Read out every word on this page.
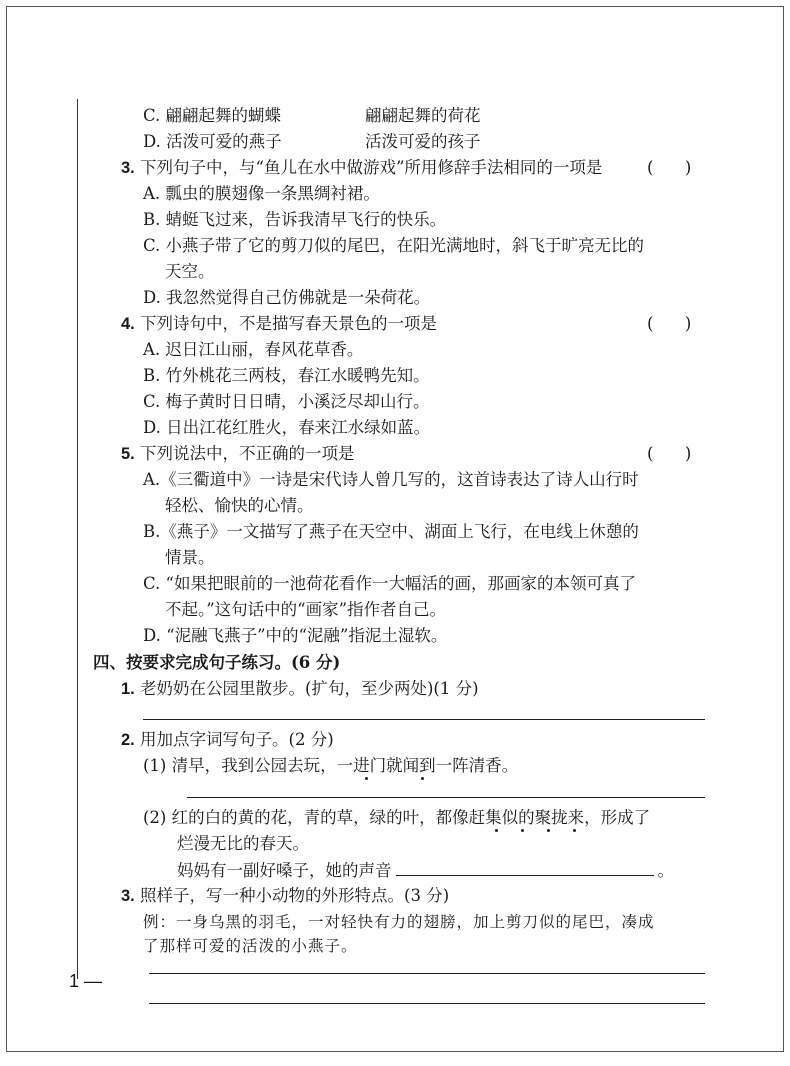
C. 翩翩起舞的蝴蝶	翩翩起舞的荷花
D. 活泼可爱的燕子	活泼可爱的孩子
3. 下列句子中，与“鱼儿在水中做游戏”所用修辞手法相同的一项是	(      )
A. 瓢虫的膜翅像一条黑绸衬裙。
B. 蜻蜓飞过来，告诉我清早飞行的快乐。
C. 小燕子带了它的剪刀似的尾巴，在阳光满地时，斜飞于旷亮无比的
天空。
D. 我忽然觉得自己仿佛就是一朵荷花。
4. 下列诗句中，不是描写春天景色的一项是	(      )
A. 迟日江山丽，春风花草香。
B. 竹外桃花三两枝，春江水暖鸭先知。
C. 梅子黄时日日晴，小溪泛尽却山行。
D. 日出江花红胜火，春来江水绿如蓝。
5. 下列说法中，不正确的一项是	(      )
A.《三衢道中》一诗是宋代诗人曾几写的，这首诗表达了诗人山行时
轻松、愉快的心情。
B.《燕子》一文描写了燕子在天空中、湖面上飞行，在电线上休憩的
情景。
C. “如果把眼前的一池荷花看作一大幅活的画，那画家的本领可真了
不起。”这句话中的“画家”指作者自己。
D. “泥融飞燕子”中的“泥融”指泥土湿软。
四、按要求完成句子练习。(6 分)
1. 老奶奶在公园里散步。(扩句，至少两处)(1 分)
2. 用加点字词写句子。(2 分)
(1) 清早，我到公园去玩，一进门就闻到一阵清香。
(2) 红的白的黄的花，青的草，绿的叶，都像赶集似的聚拢来，形成了
烂漫无比的春天。
妈妈有一副好嗓子，她的声音	。
3. 照样子，写一种小动物的外形特点。(3 分)
例：一身乌黑的羽毛，一对轻快有力的翅膀，加上剪刀似的尾巴，凑成
了那样可爱的活泼的小燕子。
1 —
